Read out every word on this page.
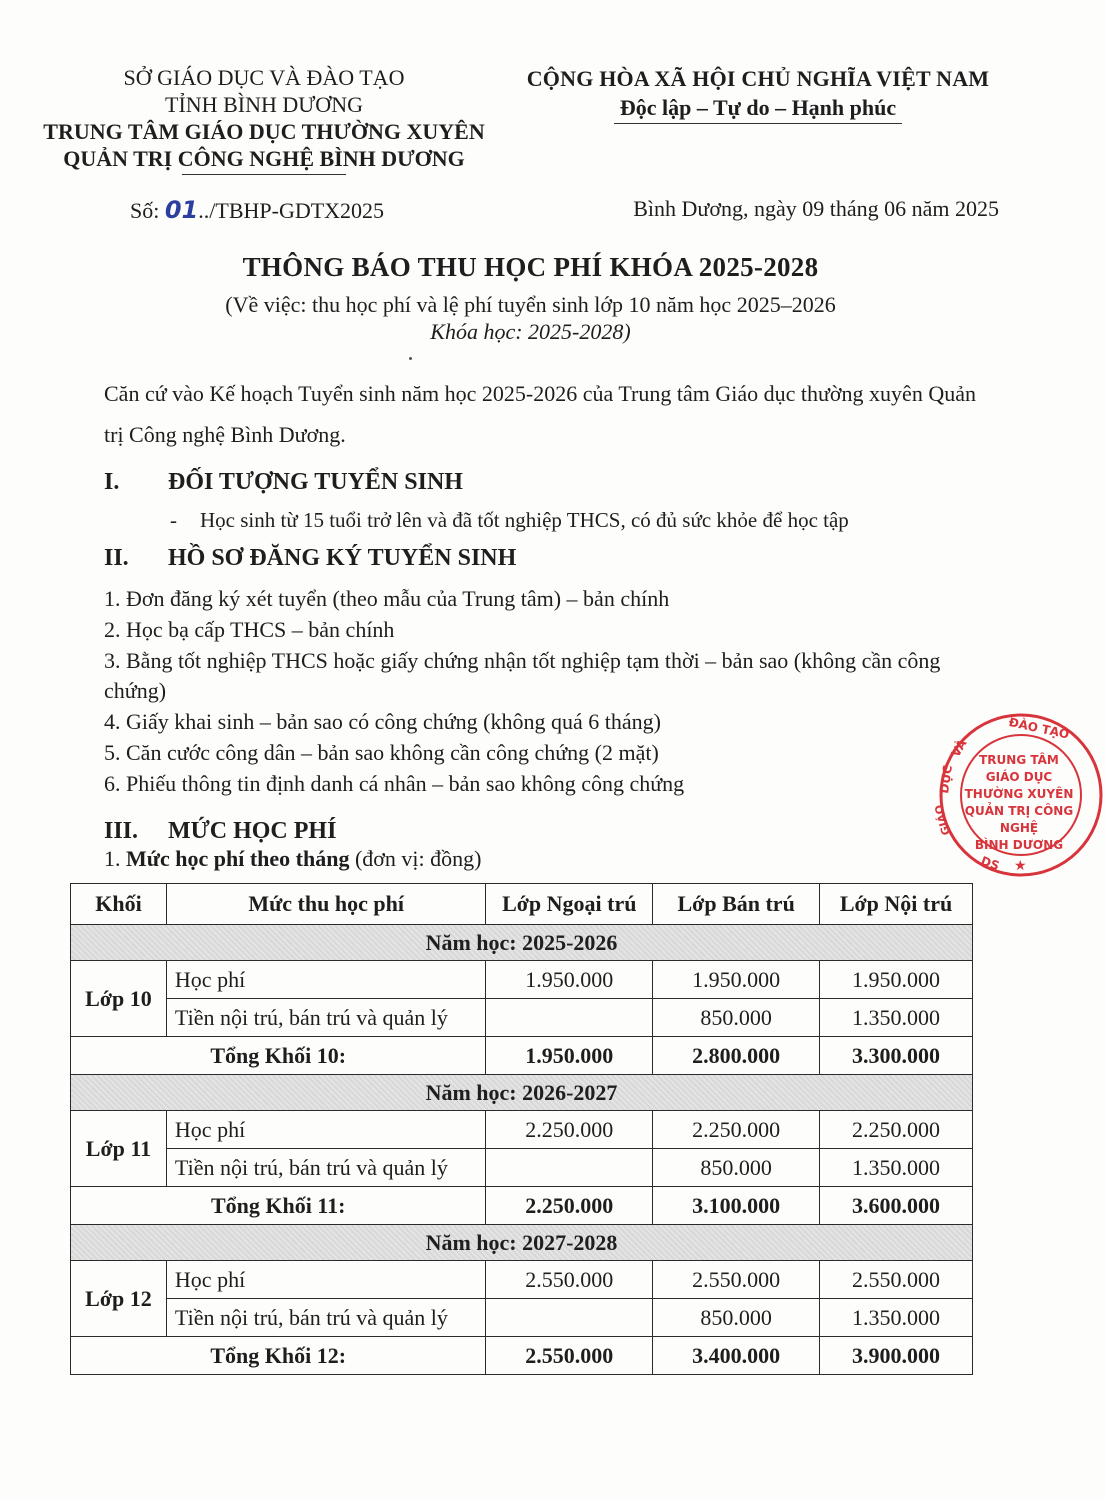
SỞ GIÁO DỤC VÀ ĐÀO TẠO
TỈNH BÌNH DƯƠNG
TRUNG TÂM GIÁO DỤC THƯỜNG XUYÊN
QUẢN TRỊ CÔNG NGHỆ BÌNH DƯƠNG
CỘNG HÒA XÃ HỘI CHỦ NGHĨA VIỆT NAM
Độc lập – Tự do – Hạnh phúc
Số: 01../TBHP-GDTX2025	Bình Dương, ngày 09 tháng 06 năm 2025
THÔNG BÁO THU HỌC PHÍ KHÓA 2025-2028
(Về việc: thu học phí và lệ phí tuyển sinh lớp 10 năm học 2025–2026
Khóa học: 2025-2028)
Căn cứ vào Kế hoạch Tuyển sinh năm học 2025-2026 của Trung tâm Giáo dục thường xuyên Quản trị Công nghệ Bình Dương.
I. ĐỐI TƯỢNG TUYỂN SINH
- Học sinh từ 15 tuổi trở lên và đã tốt nghiệp THCS, có đủ sức khỏe để học tập
II. HỒ SƠ ĐĂNG KÝ TUYỂN SINH
1. Đơn đăng ký xét tuyển (theo mẫu của Trung tâm) – bản chính
2. Học bạ cấp THCS – bản chính
3. Bằng tốt nghiệp THCS hoặc giấy chứng nhận tốt nghiệp tạm thời – bản sao (không cần công chứng)
4. Giấy khai sinh – bản sao có công chứng (không quá 6 tháng)
5. Căn cước công dân – bản sao không cần công chứng (2 mặt)
6. Phiếu thông tin định danh cá nhân – bản sao không công chứng
III. MỨC HỌC PHÍ
1. Mức học phí theo tháng (đơn vị: đồng)
Khối	Mức thu học phí	Lớp Ngoại trú	Lớp Bán trú	Lớp Nội trú
Năm học: 2025-2026				
Lớp 10	Học phí	1.950.000	1.950.000	1.950.000
	Tiền nội trú, bán trú và quản lý		850.000	1.350.000
Tổng Khối 10:		1.950.000	2.800.000	3.300.000
Năm học: 2026-2027				
Lớp 11	Học phí	2.250.000	2.250.000	2.250.000
	Tiền nội trú, bán trú và quản lý		850.000	1.350.000
Tổng Khối 11:		2.250.000	3.100.000	3.600.000
Năm học: 2027-2028				
Lớp 12	Học phí	2.550.000	2.550.000	2.550.000
	Tiền nội trú, bán trú và quản lý		850.000	1.350.000
Tổng Khối 12:		2.550.000	3.400.000	3.900.000
ĐÀO TẠO
VÀ
DỤC
GIÁO
DS ★
TRUNG TÂM
GIÁO DỤC
THƯỜNG XUYÊN
QUẢN TRỊ CÔNG NGHỆ
BÌNH DƯƠNG
